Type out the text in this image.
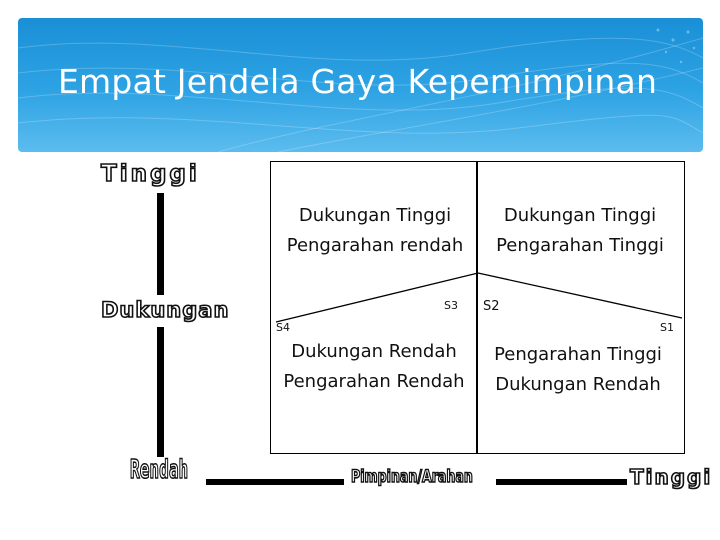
Empat Jendela Gaya Kepemimpinan
Tinggi
Dukungan
Rendah	Pimpinan/Arahan	Tinggi
Dukungan Tinggi
Pengarahan rendah
Dukungan Tinggi
Pengarahan Tinggi
Dukungan Rendah
Pengarahan Rendah
Pengarahan Tinggi
Dukungan Rendah
S3 S2
S4	S1
